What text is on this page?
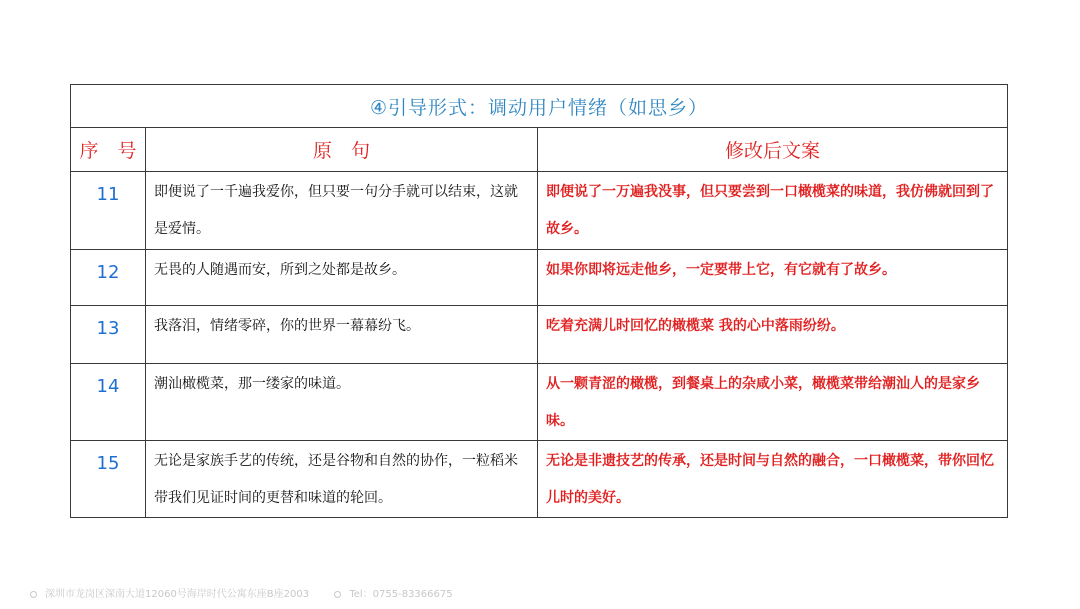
④引导形式：调动用户情绪（如思乡）		
序　号	原　句	修改后文案
11	即便说了一千遍我爱你，但只要一句分手就可以结束，这就是爱情。	即便说了一万遍我没事，但只要尝到一口橄榄菜的味道，我仿佛就回到了故乡。
12	无畏的人随遇而安，所到之处都是故乡。	如果你即将远走他乡，一定要带上它，有它就有了故乡。
13	我落泪，情绪零碎，你的世界一幕幕纷飞。	吃着充满儿时回忆的橄榄菜 我的心中落雨纷纷。
14	潮汕橄榄菜，那一缕家的味道。	从一颗青涩的橄榄，到餐桌上的杂咸小菜，橄榄菜带给潮汕人的是家乡味。
15	无论是家族手艺的传统，还是谷物和自然的协作，一粒稻米 带我们见证时间的更替和味道的轮回。	无论是非遗技艺的传承，还是时间与自然的融合，一口橄榄菜，带你回忆儿时的美好。
深圳市龙岗区深南大道12060号海岸时代公寓东座B座2003	Tel：0755-83366675
